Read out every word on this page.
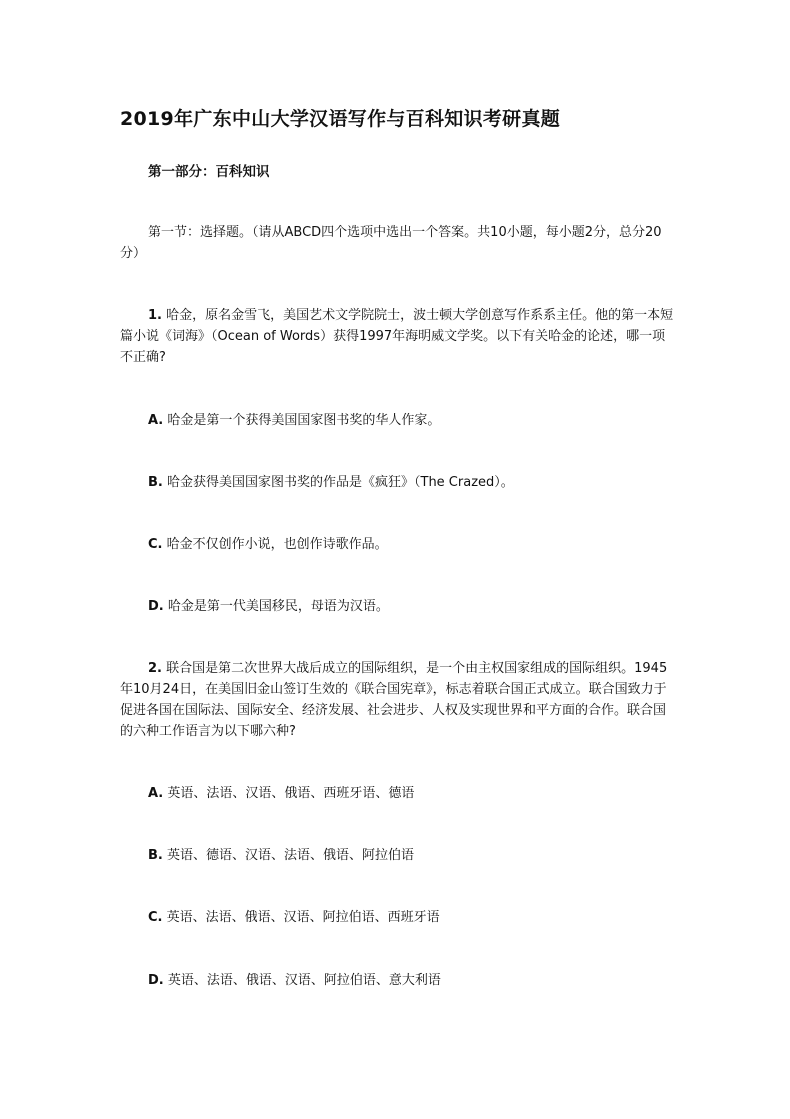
2019年广东中山大学汉语写作与百科知识考研真题
第一部分：百科知识
第一节：选择题。（请从ABCD四个选项中选出一个答案。共10小题，每小题2分，总分20分）
1. 哈金，原名金雪飞，美国艺术文学院院士，波士顿大学创意写作系系主任。他的第一本短篇小说《词海》（Ocean of Words）获得1997年海明威文学奖。以下有关哈金的论述，哪一项不正确?
A. 哈金是第一个获得美国国家图书奖的华人作家。
B. 哈金获得美国国家图书奖的作品是《疯狂》（The Crazed）。
C. 哈金不仅创作小说，也创作诗歌作品。
D. 哈金是第一代美国移民，母语为汉语。
2. 联合国是第二次世界大战后成立的国际组织，是一个由主权国家组成的国际组织。1945年10月24日，在美国旧金山签订生效的《联合国宪章》，标志着联合国正式成立。联合国致力于促进各国在国际法、国际安全、经济发展、社会进步、人权及实现世界和平方面的合作。联合国的六种工作语言为以下哪六种?
A. 英语、法语、汉语、俄语、西班牙语、德语
B. 英语、德语、汉语、法语、俄语、阿拉伯语
C. 英语、法语、俄语、汉语、阿拉伯语、西班牙语
D. 英语、法语、俄语、汉语、阿拉伯语、意大利语
